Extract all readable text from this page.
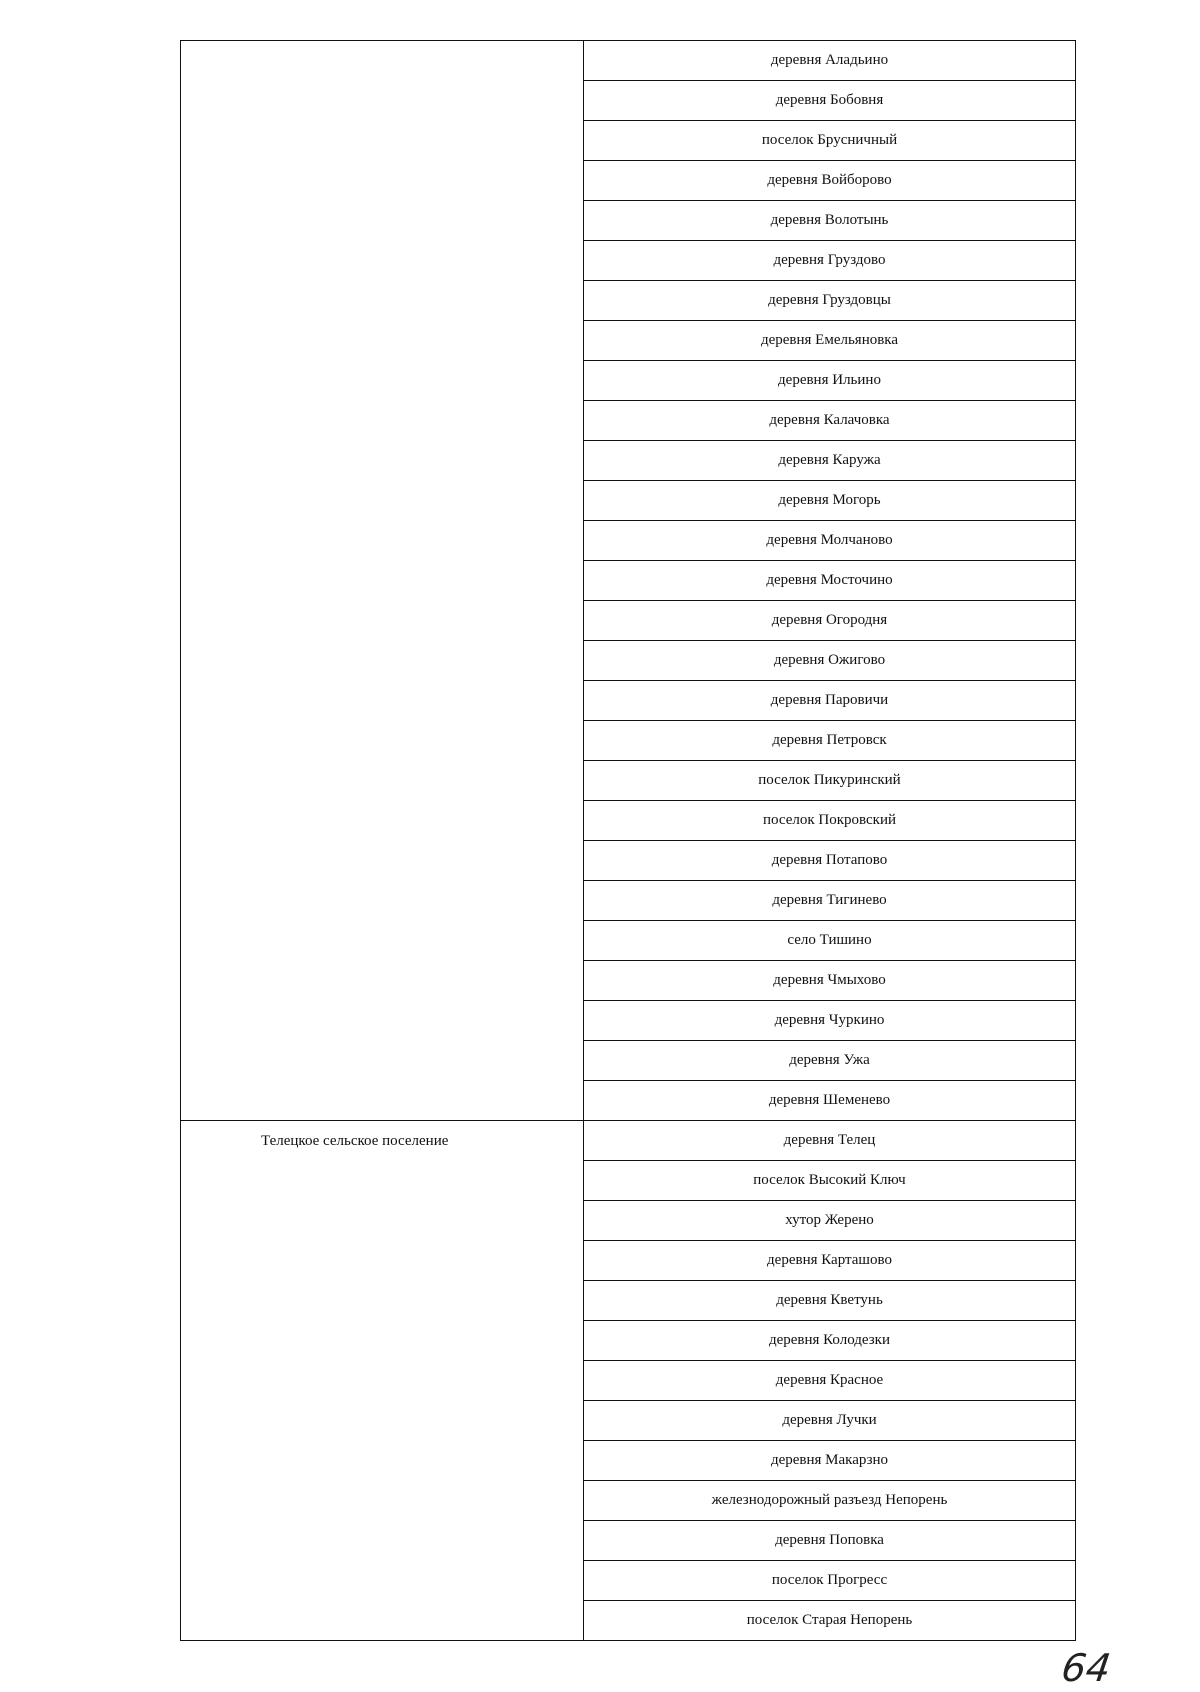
	деревня Аладьино
	деревня Бобовня
	поселок Брусничный
	деревня Войборово
	деревня Волотынь
	деревня Груздово
	деревня Груздовцы
	деревня Емельяновка
	деревня Ильино
	деревня Калачовка
	деревня Каружа
	деревня Могорь
	деревня Молчаново
	деревня Мосточино
	деревня Огородня
	деревня Ожигово
	деревня Паровичи
	деревня Петровск
	поселок Пикуринский
	поселок Покровский
	деревня Потапово
	деревня Тигинево
	село Тишино
	деревня Чмыхово
	деревня Чуркино
	деревня Ужа
	деревня Шеменево

Телецкое сельское поселение	деревня Телец
	поселок Высокий Ключ
	хутор Жерено
	деревня Карташово
	деревня Кветунь
	деревня Колодезки
	деревня Красное
	деревня Лучки
	деревня Макарзно
	железнодорожный разъезд Непорень
	деревня Поповка
	поселок Прогресс
	поселок Старая Непорень
64
